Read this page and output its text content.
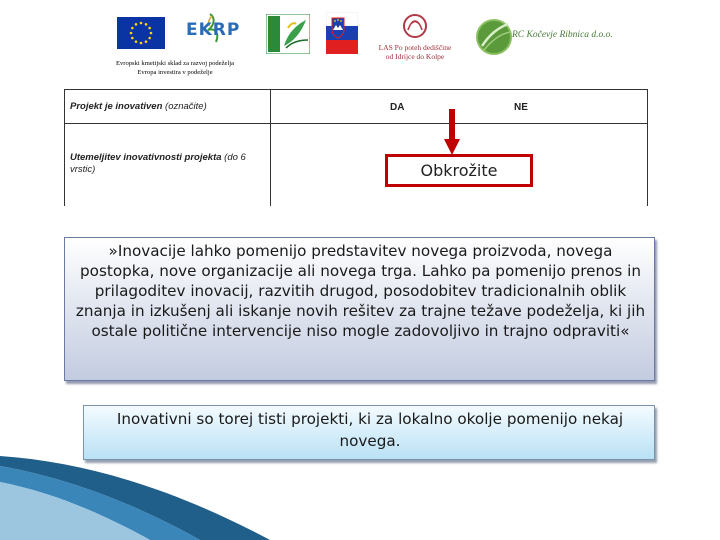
EKRP
LAS Po poteh dediščine
od Idrijce do Kolpe
RC Kočevje Ribnica d.o.o.
Evropski kmetijski sklad za razvoj podeželja
Evropa investira v podeželje
Projekt je inovativen (označite)	DA	NE
Utemeljitev inovativnosti projekta (do 6 vrstic)	Obkrožite
»Inovacije lahko pomenijo predstavitev novega proizvoda, novega postopka, nove organizacije ali novega trga. Lahko pa pomenijo prenos in prilagoditev inovacij, razvitih drugod, posodobitev tradicionalnih oblik znanja in izkušenj ali iskanje novih rešitev za trajne težave podeželja, ki jih ostale politične intervencije niso mogle zadovoljivo in trajno odpraviti«
Inovativni so torej tisti projekti, ki za lokalno okolje pomenijo nekaj novega.
